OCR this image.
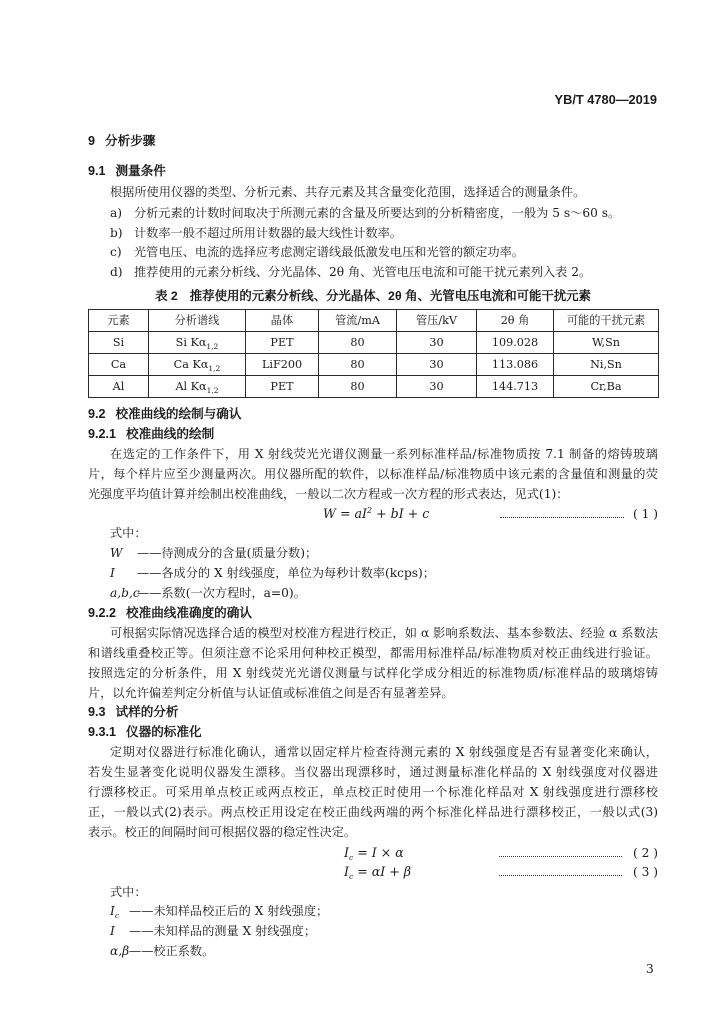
YB/T 4780—2019
9 分析步骤
9.1 测量条件
根据所使用仪器的类型、分析元素、共存元素及其含量变化范围，选择适合的测量条件。
a) 分析元素的计数时间取决于所测元素的含量及所要达到的分析精密度，一般为 5 s～60 s。
b) 计数率一般不超过所用计数器的最大线性计数率。
c) 光管电压、电流的选择应考虑测定谱线最低激发电压和光管的额定功率。
d) 推荐使用的元素分析线、分光晶体、2θ 角、光管电压电流和可能干扰元素列入表 2。
表 2 推荐使用的元素分析线、分光晶体、2θ 角、光管电压电流和可能干扰元素
元素	分析谱线	晶体	管流/mA	管压/kV	2θ 角	可能的干扰元素
Si	Si $K\alpha_{1,2}$	PET	80	30	109.028	W,Sn
Ca	Ca $K\alpha_{1,2}$	LiF200	80	30	113.086	Ni,Sn
Al	Al $K\alpha_{1,2}$	PET	80	30	144.713	Cr,Ba
9.2 校准曲线的绘制与确认
9.2.1 校准曲线的绘制
在选定的工作条件下，用 X 射线荧光光谱仪测量一系列标准样品/标准物质按 7.1 制备的熔铸玻璃
片，每个样片应至少测量两次。用仪器所配的软件，以标准样品/标准物质中该元素的含量值和测量的荧
光强度平均值计算并绘制出校准曲线，一般以二次方程或一次方程的形式表达，见式(1)：
$W = aI^2$ + bI + c	( 1 )
式中：
W ——待测成分的含量(质量分数)；
I ——各成分的 X 射线强度，单位为每秒计数率(kcps)；
a,b,c——系数(一次方程时，a=0)。
9.2.2 校准曲线准确度的确认
可根据实际情况选择合适的模型对校准方程进行校正，如 α 影响系数法、基本参数法、经验 α 系数法
和谱线重叠校正等。但须注意不论采用何种校正模型，都需用标准样品/标准物质对校正曲线进行验证。
按照选定的分析条件，用 X 射线荧光光谱仪测量与试样化学成分相近的标准物质/标准样品的玻璃熔铸
片，以允许偏差判定分析值与认证值或标准值之间是否有显著差异。
9.3 试样的分析
9.3.1 仪器的标准化
定期对仪器进行标准化确认，通常以固定样片检查待测元素的 X 射线强度是否有显著变化来确认，
若发生显著变化说明仪器发生漂移。当仪器出现漂移时，通过测量标准化样品的 X 射线强度对仪器进
行漂移校正。可采用单点校正或两点校正，单点校正时使用一个标准化样品对 X 射线强度进行漂移校
正，一般以式(2)表示。两点校正用设定在校正曲线两端的两个标准化样品进行漂移校正，一般以式(3)
表示。校正的间隔时间可根据仪器的稳定性决定。
$I_c = I \times \alpha$	( 2 )
$I_c = \alpha I + \beta$	( 3 )
式中：
$I_c$ ——未知样品校正后的 X 射线强度；
I ——未知样品的测量 X 射线强度；
α,β——校正系数。
3
